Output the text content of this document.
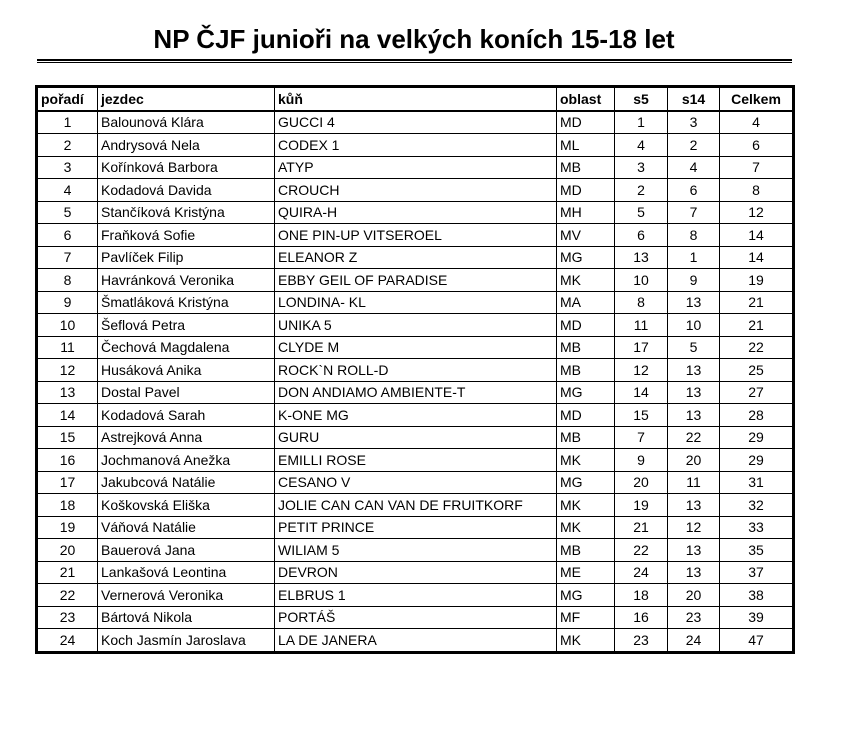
NP ČJF junioři na velkých koních 15-18 let
pořadí	jezdec	kůň	oblast	s5	s14	Celkem
1	Balounová Klára	GUCCI 4	MD	1	3	4
2	Andrysová Nela	CODEX 1	ML	4	2	6
3	Kořínková Barbora	ATYP	MB	3	4	7
4	Kodadová Davida	CROUCH	MD	2	6	8
5	Stančíková Kristýna	QUIRA-H	MH	5	7	12
6	Fraňková Sofie	ONE PIN-UP VITSEROEL	MV	6	8	14
7	Pavlíček Filip	ELEANOR Z	MG	13	1	14
8	Havránková Veronika	EBBY GEIL OF PARADISE	MK	10	9	19
9	Šmatláková Kristýna	LONDINA- KL	MA	8	13	21
10	Šeflová Petra	UNIKA 5	MD	11	10	21
11	Čechová Magdalena	CLYDE M	MB	17	5	22
12	Husáková Anika	ROCK`N ROLL-D	MB	12	13	25
13	Dostal Pavel	DON ANDIAMO AMBIENTE-T	MG	14	13	27
14	Kodadová Sarah	K-ONE MG	MD	15	13	28
15	Astrejková Anna	GURU	MB	7	22	29
16	Jochmanová Anežka	EMILLI ROSE	MK	9	20	29
17	Jakubcová Natálie	CESANO V	MG	20	11	31
18	Koškovská Eliška	JOLIE CAN CAN VAN DE FRUITKORF	MK	19	13	32
19	Váňová Natálie	PETIT PRINCE	MK	21	12	33
20	Bauerová Jana	WILIAM 5	MB	22	13	35
21	Lankašová Leontina	DEVRON	ME	24	13	37
22	Vernerová Veronika	ELBRUS 1	MG	18	20	38
23	Bártová Nikola	PORTÁŠ	MF	16	23	39
24	Koch Jasmín Jaroslava	LA DE JANERA	MK	23	24	47
